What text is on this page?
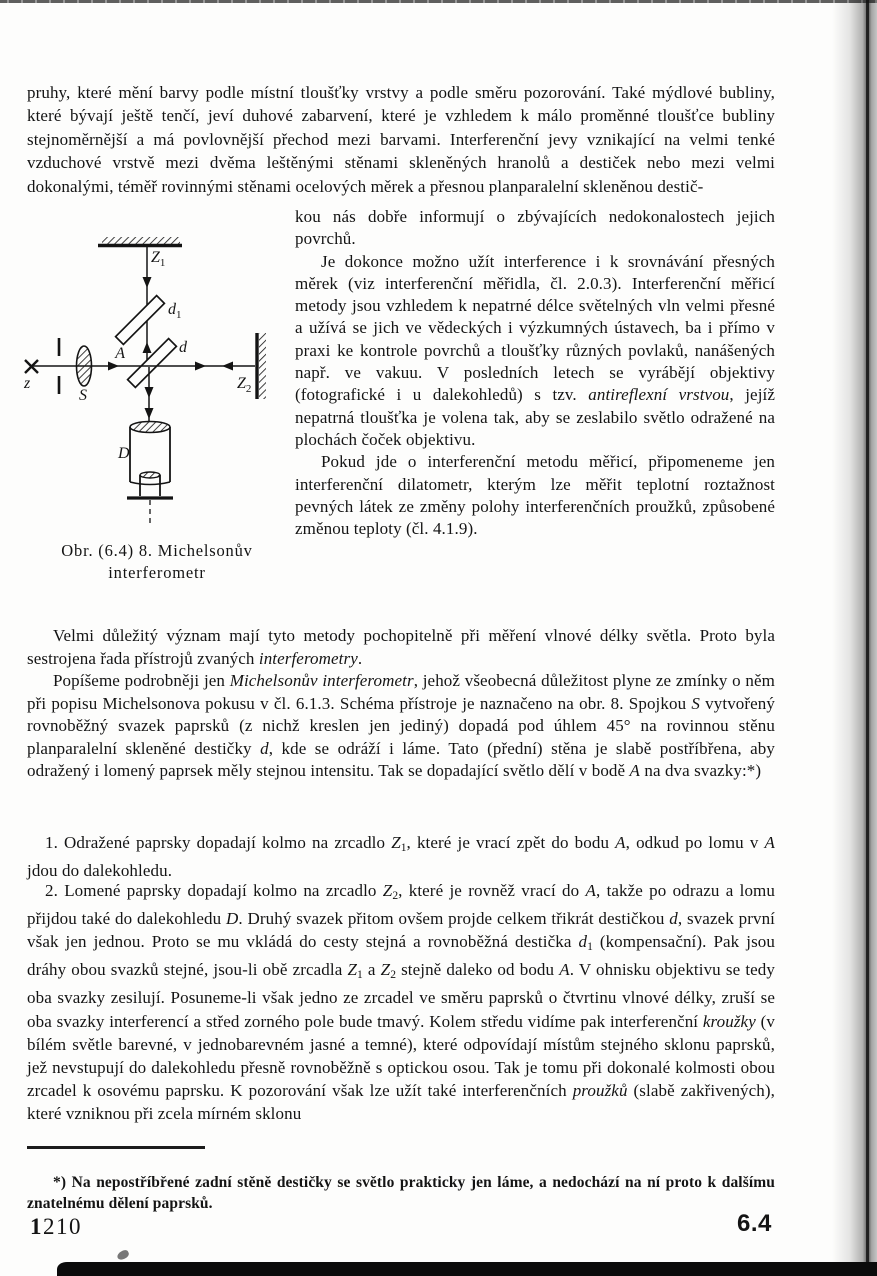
pruhy, které mění barvy podle místní tloušťky vrstvy a podle směru pozorování. Také mýdlové bubliny, které bývají ještě tenčí, jeví duhové zabarvení, které je vzhledem k málo proměnné tloušťce bubliny stejnoměrnější a má povlovnější přechod mezi barvami. Interferenční jevy vznikající na velmi tenké vzduchové vrstvě mezi dvěma leštěnými stěnami skleněných hranolů a destiček nebo mezi velmi dokonalými, téměř rovinnými stěnami ocelových měrek a přesnou planparalelní skleněnou destič-

$Z_1$
$d_1$
d
A
z
S
$Z_2$
D
Obr. (6.4) 8. Michelsonův
interferometr

kou nás dobře informují o zbývajících nedokonalostech jejich povrchů.

Je dokonce možno užít interference i k srovnávání přesných měrek (viz interferenční měřidla, čl. 2.0.3). Interferenční měřicí metody jsou vzhledem k nepatrné délce světelných vln velmi přesné a užívá se jich ve vědeckých i výzkumných ústavech, ba i přímo v praxi ke kontrole povrchů a tloušťky různých povlaků, nanášených např. ve vakuu. V posledních letech se vyrábějí objektivy (fotografické i u dalekohledů) s tzv. antireflexní vrstvou, jejíž nepatrná tloušťka je volena tak, aby se zeslabilo světlo odražené na plochách čoček objektivu.

Pokud jde o interferenční metodu měřicí, připomeneme jen interferenční dilatometr, kterým lze měřit teplotní roztažnost pevných látek ze změny polohy interferenčních proužků, způsobené změnou teploty (čl. 4.1.9).

Velmi důležitý význam mají tyto metody pochopitelně při měření vlnové délky světla. Proto byla sestrojena řada přístrojů zvaných interferometry.

Popíšeme podrobněji jen Michelsonův interferometr, jehož všeobecná důležitost plyne ze zmínky o něm při popisu Michelsonova pokusu v čl. 6.1.3. Schéma přístroje je naznačeno na obr. 8. Spojkou S vytvořený rovnoběžný svazek paprsků (z nichž kreslen jen jediný) dopadá pod úhlem 45° na rovinnou stěnu planparalelní skleněné destičky d, kde se odráží i láme. Tato (přední) stěna je slabě postříbřena, aby odražený i lomený paprsek měly stejnou intensitu. Tak se dopadající světlo dělí v bodě A na dva svazky:*)

1. Odražené paprsky dopadají kolmo na zrcadlo Z1, které je vrací zpět do bodu A, odkud po lomu v A jdou do dalekohledu.

2. Lomené paprsky dopadají kolmo na zrcadlo Z2, které je rovněž vrací do A, takže po odrazu a lomu přijdou také do dalekohledu D. Druhý svazek přitom ovšem projde celkem třikrát destičkou d, svazek první však jen jednou. Proto se mu vkládá do cesty stejná a rovnoběžná destička d1 (kompensační). Pak jsou dráhy obou svazků stejné, jsou-li obě zrcadla Z1 a Z2 stejně daleko od bodu A. V ohnisku objektivu se tedy oba svazky zesilují. Posuneme-li však jedno ze zrcadel ve směru paprsků o čtvrtinu vlnové délky, zruší se oba svazky interferencí a střed zorného pole bude tmavý. Kolem středu vidíme pak interferenční kroužky (v bílém světle barevné, v jednobarevném jasné a temné), které odpovídají místům stejného sklonu paprsků, jež nevstupují do dalekohledu přesně rovnoběžně s optickou osou. Tak je tomu při dokonalé kolmosti obou zrcadel k osovému paprsku. K pozorování však lze užít také interferenčních proužků (slabě zakřivených), které vzniknou při zcela mírném sklonu

*) Na nepostříbřené zadní stěně destičky se světlo prakticky jen láme, a nedochází na ní proto k dalšímu znatelnému dělení paprsků.

1210	6.4
